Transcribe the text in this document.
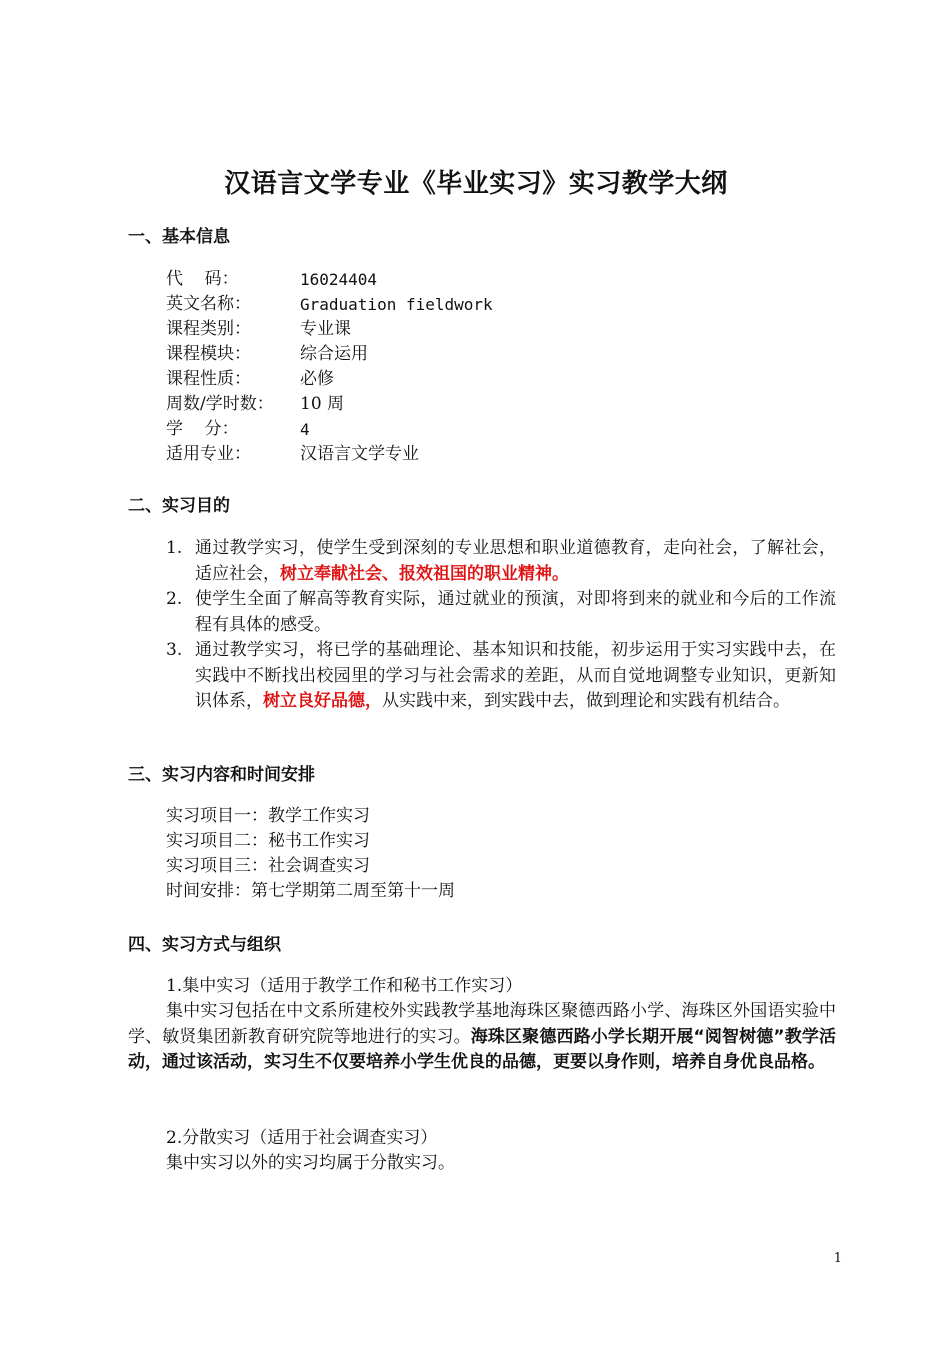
汉语言文学专业《毕业实习》实习教学大纲
一、基本信息
代    码：	16024404
英文名称：	Graduation fieldwork
课程类别：	专业课
课程模块：	综合运用
课程性质：	必修
周数/学时数：	10 周
学    分：	4
适用专业：	汉语言文学专业
二、实习目的
1. 通过教学实习，使学生受到深刻的专业思想和职业道德教育，走向社会，了解社会，适应社会，树立奉献社会、报效祖国的职业精神。
2. 使学生全面了解高等教育实际，通过就业的预演，对即将到来的就业和今后的工作流程有具体的感受。
3. 通过教学实习，将已学的基础理论、基本知识和技能，初步运用于实习实践中去，在实践中不断找出校园里的学习与社会需求的差距，从而自觉地调整专业知识，更新知识体系，树立良好品德，从实践中来，到实践中去，做到理论和实践有机结合。
三、实习内容和时间安排
实习项目一：教学工作实习
实习项目二：秘书工作实习
实习项目三：社会调查实习
时间安排：第七学期第二周至第十一周
四、实习方式与组织
1.集中实习（适用于教学工作和秘书工作实习）
集中实习包括在中文系所建校外实践教学基地海珠区聚德西路小学、海珠区外国语实验中学、敏贤集团新教育研究院等地进行的实习。海珠区聚德西路小学长期开展“阅智树德”教学活动，通过该活动，实习生不仅要培养小学生优良的品德，更要以身作则，培养自身优良品格。
2.分散实习（适用于社会调查实习）
集中实习以外的实习均属于分散实习。
1
